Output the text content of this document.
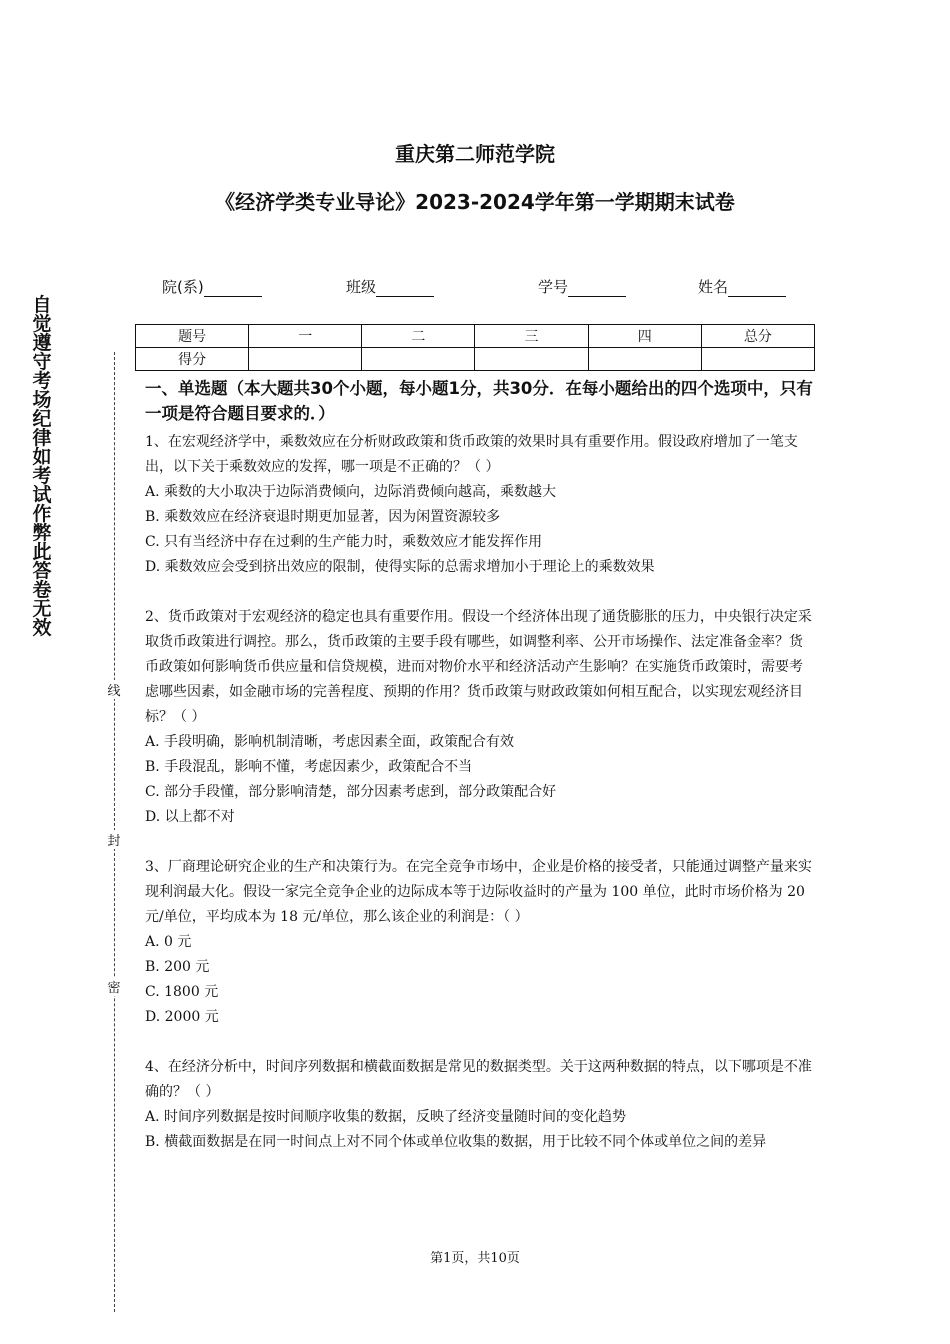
重庆第二师范学院
《经济学类专业导论》2023-2024学年第一学期期末试卷
院(系)	班级	学号	姓名
题号	一	二	三	四	总分
得分					
自觉遵守考场纪律如考试作弊此答卷无效
线
封
密

一、单选题（本大题共30个小题，每小题1分，共30分．在每小题给出的四个选项中，只有一项是符合题目要求的．）

1、在宏观经济学中，乘数效应在分析财政政策和货币政策的效果时具有重要作用。假设政府增加了一笔支出，以下关于乘数效应的发挥，哪一项是不正确的？（ ）

A. 乘数的大小取决于边际消费倾向，边际消费倾向越高，乘数越大

B. 乘数效应在经济衰退时期更加显著，因为闲置资源较多

C. 只有当经济中存在过剩的生产能力时，乘数效应才能发挥作用

D. 乘数效应会受到挤出效应的限制，使得实际的总需求增加小于理论上的乘数效果

2、货币政策对于宏观经济的稳定也具有重要作用。假设一个经济体出现了通货膨胀的压力，中央银行决定采取货币政策进行调控。那么，货币政策的主要手段有哪些，如调整利率、公开市场操作、法定准备金率？货币政策如何影响货币供应量和信贷规模，进而对物价水平和经济活动产生影响？在实施货币政策时，需要考虑哪些因素，如金融市场的完善程度、预期的作用？货币政策与财政政策如何相互配合，以实现宏观经济目标？（ ）

A. 手段明确，影响机制清晰，考虑因素全面，政策配合有效

B. 手段混乱，影响不懂，考虑因素少，政策配合不当

C. 部分手段懂，部分影响清楚，部分因素考虑到，部分政策配合好

D. 以上都不对

3、厂商理论研究企业的生产和决策行为。在完全竞争市场中，企业是价格的接受者，只能通过调整产量来实现利润最大化。假设一家完全竞争企业的边际成本等于边际收益时的产量为 100 单位，此时市场价格为 20 元/单位，平均成本为 18 元/单位，那么该企业的利润是：（ ）

A. 0 元

B. 200 元

C. 1800 元

D. 2000 元

4、在经济分析中，时间序列数据和横截面数据是常见的数据类型。关于这两种数据的特点，以下哪项是不准确的？（ ）

A. 时间序列数据是按时间顺序收集的数据，反映了经济变量随时间的变化趋势

B. 横截面数据是在同一时间点上对不同个体或单位收集的数据，用于比较不同个体或单位之间的差异

第1页，共10页
